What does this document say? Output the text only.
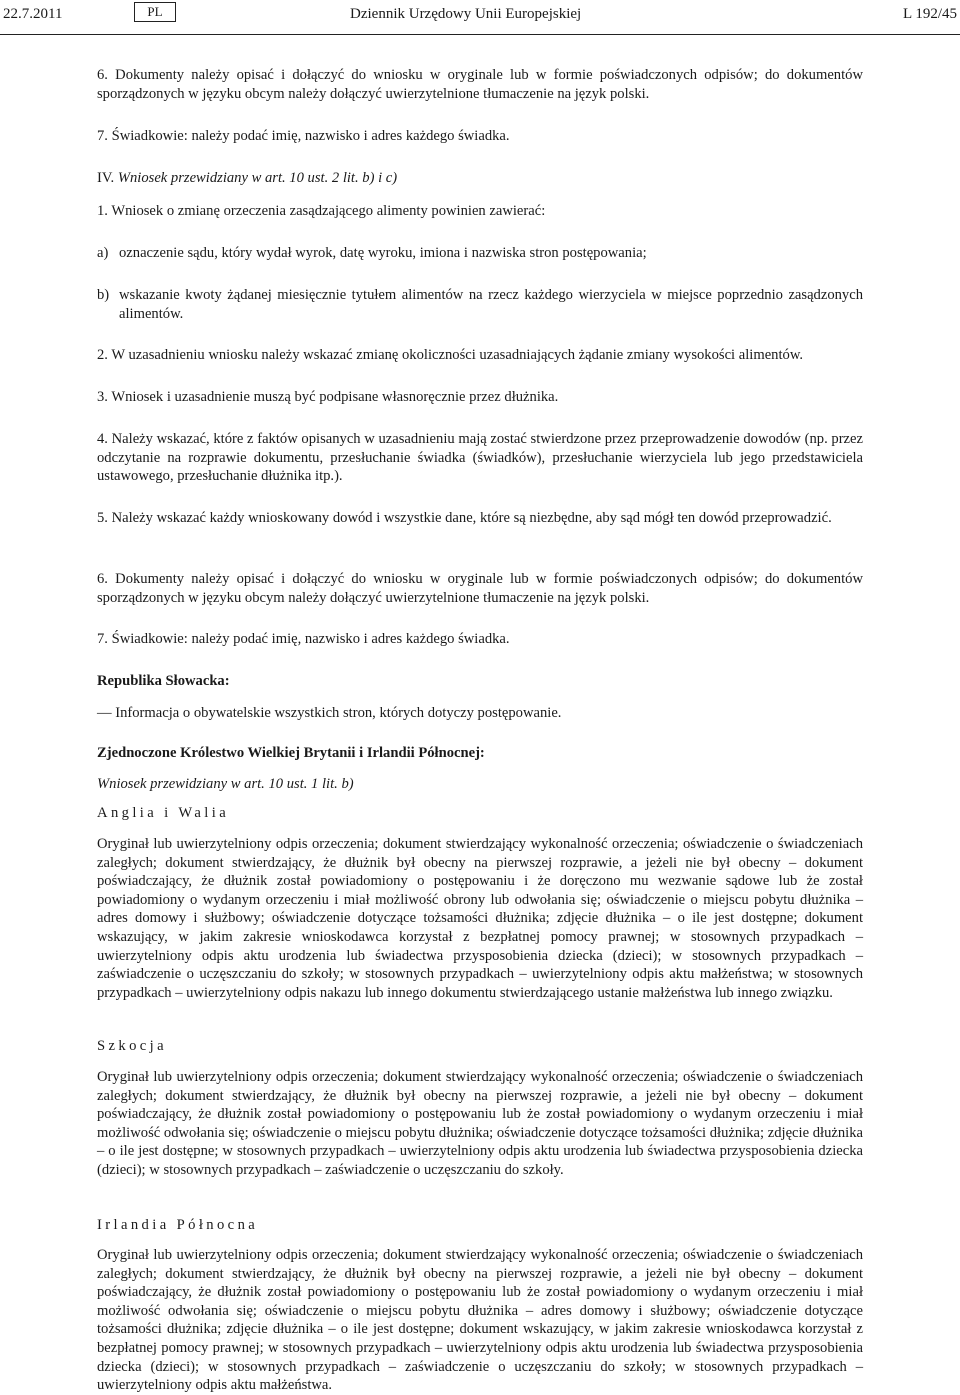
22.7.2011	PL	Dziennik Urzędowy Unii Europejskiej	L 192/45

6. Dokumenty należy opisać i dołączyć do wniosku w oryginale lub w formie poświadczonych odpisów; do dokumentów sporządzonych w języku obcym należy dołączyć uwierzytelnione tłumaczenie na język polski.

7. Świadkowie: należy podać imię, nazwisko i adres każdego świadka.

IV. Wniosek przewidziany w art. 10 ust. 2 lit. b) i c)

1. Wniosek o zmianę orzeczenia zasądzającego alimenty powinien zawierać:

a) oznaczenie sądu, który wydał wyrok, datę wyroku, imiona i nazwiska stron postępowania;

b) wskazanie kwoty żądanej miesięcznie tytułem alimentów na rzecz każdego wierzyciela w miejsce poprzednio zasądzonych alimentów.

2. W uzasadnieniu wniosku należy wskazać zmianę okoliczności uzasadniających żądanie zmiany wysokości alimentów.

3. Wniosek i uzasadnienie muszą być podpisane własnoręcznie przez dłużnika.

4. Należy wskazać, które z faktów opisanych w uzasadnieniu mają zostać stwierdzone przez przeprowadzenie dowodów (np. przez odczytanie na rozprawie dokumentu, przesłuchanie świadka (świadków), przesłuchanie wierzyciela lub jego przedstawiciela ustawowego, przesłuchanie dłużnika itp.).

5. Należy wskazać każdy wnioskowany dowód i wszystkie dane, które są niezbędne, aby sąd mógł ten dowód przeprowadzić.

6. Dokumenty należy opisać i dołączyć do wniosku w oryginale lub w formie poświadczonych odpisów; do dokumentów sporządzonych w języku obcym należy dołączyć uwierzytelnione tłumaczenie na język polski.

7. Świadkowie: należy podać imię, nazwisko i adres każdego świadka.

Republika Słowacka:

— Informacja o obywatelskie wszystkich stron, których dotyczy postępowanie.

Zjednoczone Królestwo Wielkiej Brytanii i Irlandii Północnej:

Wniosek przewidziany w art. 10 ust. 1 lit. b)

Anglia i Walia

Oryginał lub uwierzytelniony odpis orzeczenia; dokument stwierdzający wykonalność orzeczenia; oświadczenie o świadczeniach zaległych; dokument stwierdzający, że dłużnik był obecny na pierwszej rozprawie, a jeżeli nie był obecny – dokument poświadczający, że dłużnik został powiadomiony o postępowaniu i że doręczono mu wezwanie sądowe lub że został powiadomiony o wydanym orzeczeniu i miał możliwość obrony lub odwołania się; oświadczenie o miejscu pobytu dłużnika – adres domowy i służbowy; oświadczenie dotyczące tożsamości dłużnika; zdjęcie dłużnika – o ile jest dostępne; dokument wskazujący, w jakim zakresie wnioskodawca korzystał z bezpłatnej pomocy prawnej; w stosownych przypadkach – uwierzytelniony odpis aktu urodzenia lub świadectwa przysposobienia dziecka (dzieci); w stosownych przypadkach – zaświadczenie o uczęszczaniu do szkoły; w stosownych przypadkach – uwierzytelniony odpis aktu małżeństwa; w stosownych przypadkach – uwierzytelniony odpis nakazu lub innego dokumentu stwierdzającego ustanie małżeństwa lub innego związku.

Szkocja

Oryginał lub uwierzytelniony odpis orzeczenia; dokument stwierdzający wykonalność orzeczenia; oświadczenie o świadczeniach zaległych; dokument stwierdzający, że dłużnik był obecny na pierwszej rozprawie, a jeżeli nie był obecny – dokument poświadczający, że dłużnik został powiadomiony o postępowaniu lub że został powiadomiony o wydanym orzeczeniu i miał możliwość odwołania się; oświadczenie o miejscu pobytu dłużnika; oświadczenie dotyczące tożsamości dłużnika; zdjęcie dłużnika – o ile jest dostępne; w stosownych przypadkach – uwierzytelniony odpis aktu urodzenia lub świadectwa przysposobienia dziecka (dzieci); w stosownych przypadkach – zaświadczenie o uczęszczaniu do szkoły.

Irlandia Północna

Oryginał lub uwierzytelniony odpis orzeczenia; dokument stwierdzający wykonalność orzeczenia; oświadczenie o świadczeniach zaległych; dokument stwierdzający, że dłużnik był obecny na pierwszej rozprawie, a jeżeli nie był obecny – dokument poświadczający, że dłużnik został powiadomiony o postępowaniu lub że został powiadomiony o wydanym orzeczeniu i miał możliwość odwołania się; oświadczenie o miejscu pobytu dłużnika – adres domowy i służbowy; oświadczenie dotyczące tożsamości dłużnika; zdjęcie dłużnika – o ile jest dostępne; dokument wskazujący, w jakim zakresie wnioskodawca korzystał z bezpłatnej pomocy prawnej; w stosownych przypadkach – uwierzytelniony odpis aktu urodzenia lub świadectwa przysposobienia dziecka (dzieci); w stosownych przypadkach – zaświadczenie o uczęszczaniu do szkoły; w stosownych przypadkach – uwierzytelniony odpis aktu małżeństwa.
